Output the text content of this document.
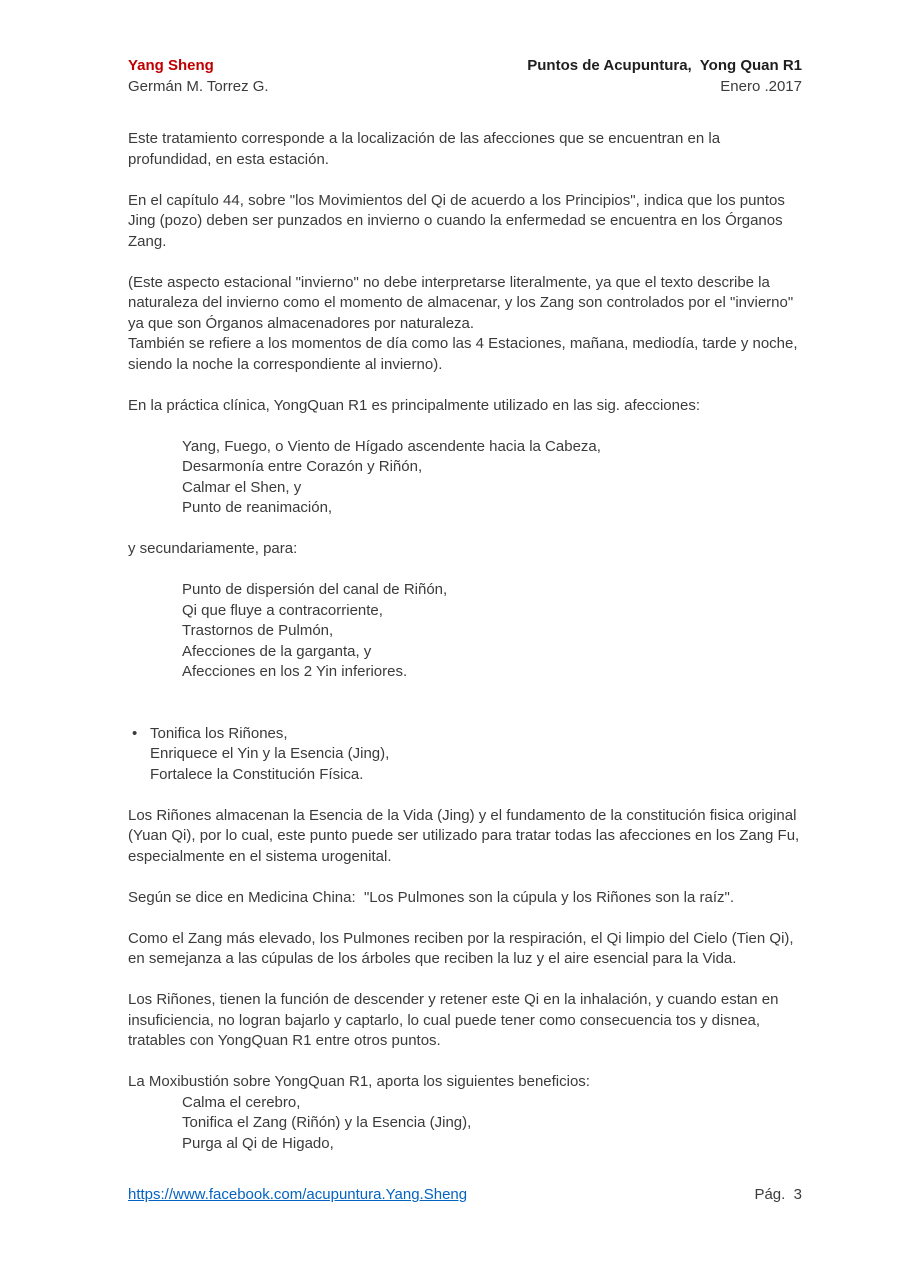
Yang Sheng
Germán M. Torrez G.
Puntos de Acupuntura,  Yong Quan R1
Enero .2017
Este tratamiento corresponde a la localización de las afecciones que se encuentran en la profundidad, en esta estación.
En el capítulo 44, sobre "los Movimientos del Qi de acuerdo a los Principios", indica que los puntos Jing (pozo) deben ser punzados en invierno o cuando la enfermedad se encuentra en los Órganos Zang.
(Este aspecto estacional "invierno" no debe interpretarse literalmente, ya que el texto describe la naturaleza del invierno como el momento de almacenar, y los Zang son controlados por el "invierno" ya que son Órganos almacenadores por naturaleza.
También se refiere a los momentos de día como las 4 Estaciones, mañana, mediodía, tarde y noche, siendo la noche la correspondiente al invierno).
En la práctica clínica, YongQuan R1 es principalmente utilizado en las sig. afecciones:
Yang, Fuego, o Viento de Hígado ascendente hacia la Cabeza,
Desarmonía entre Corazón y Riñón,
Calmar el Shen, y
Punto de reanimación,
y secundariamente, para:
Punto de dispersión del canal de Riñón,
Qi que fluye a contracorriente,
Trastornos de Pulmón,
Afecciones de la garganta, y
Afecciones en los 2 Yin inferiores.
• Tonifica los Riñones,
Enriquece el Yin y la Esencia (Jing),
Fortalece la Constitución Física.
Los Riñones almacenan la Esencia de la Vida (Jing) y el fundamento de la constitución fisica original (Yuan Qi), por lo cual, este punto puede ser utilizado para tratar todas las afecciones en los Zang Fu, especialmente en el sistema urogenital.
Según se dice en Medicina China:  "Los Pulmones son la cúpula y los Riñones son la raíz".
Como el Zang más elevado, los Pulmones reciben por la respiración, el Qi limpio del Cielo (Tien Qi), en semejanza a las cúpulas de los árboles que reciben la luz y el aire esencial para la Vida.
Los Riñones, tienen la función de descender y retener este Qi en la inhalación, y cuando estan en insuficiencia, no logran bajarlo y captarlo, lo cual puede tener como consecuencia tos y disnea, tratables con YongQuan R1 entre otros puntos.
La Moxibustión sobre YongQuan R1, aporta los siguientes beneficios:
Calma el cerebro,
Tonifica el Zang (Riñón) y la Esencia (Jing),
Purga al Qi de Higado,
https://www.facebook.com/acupuntura.Yang.Sheng	Pág.  3
